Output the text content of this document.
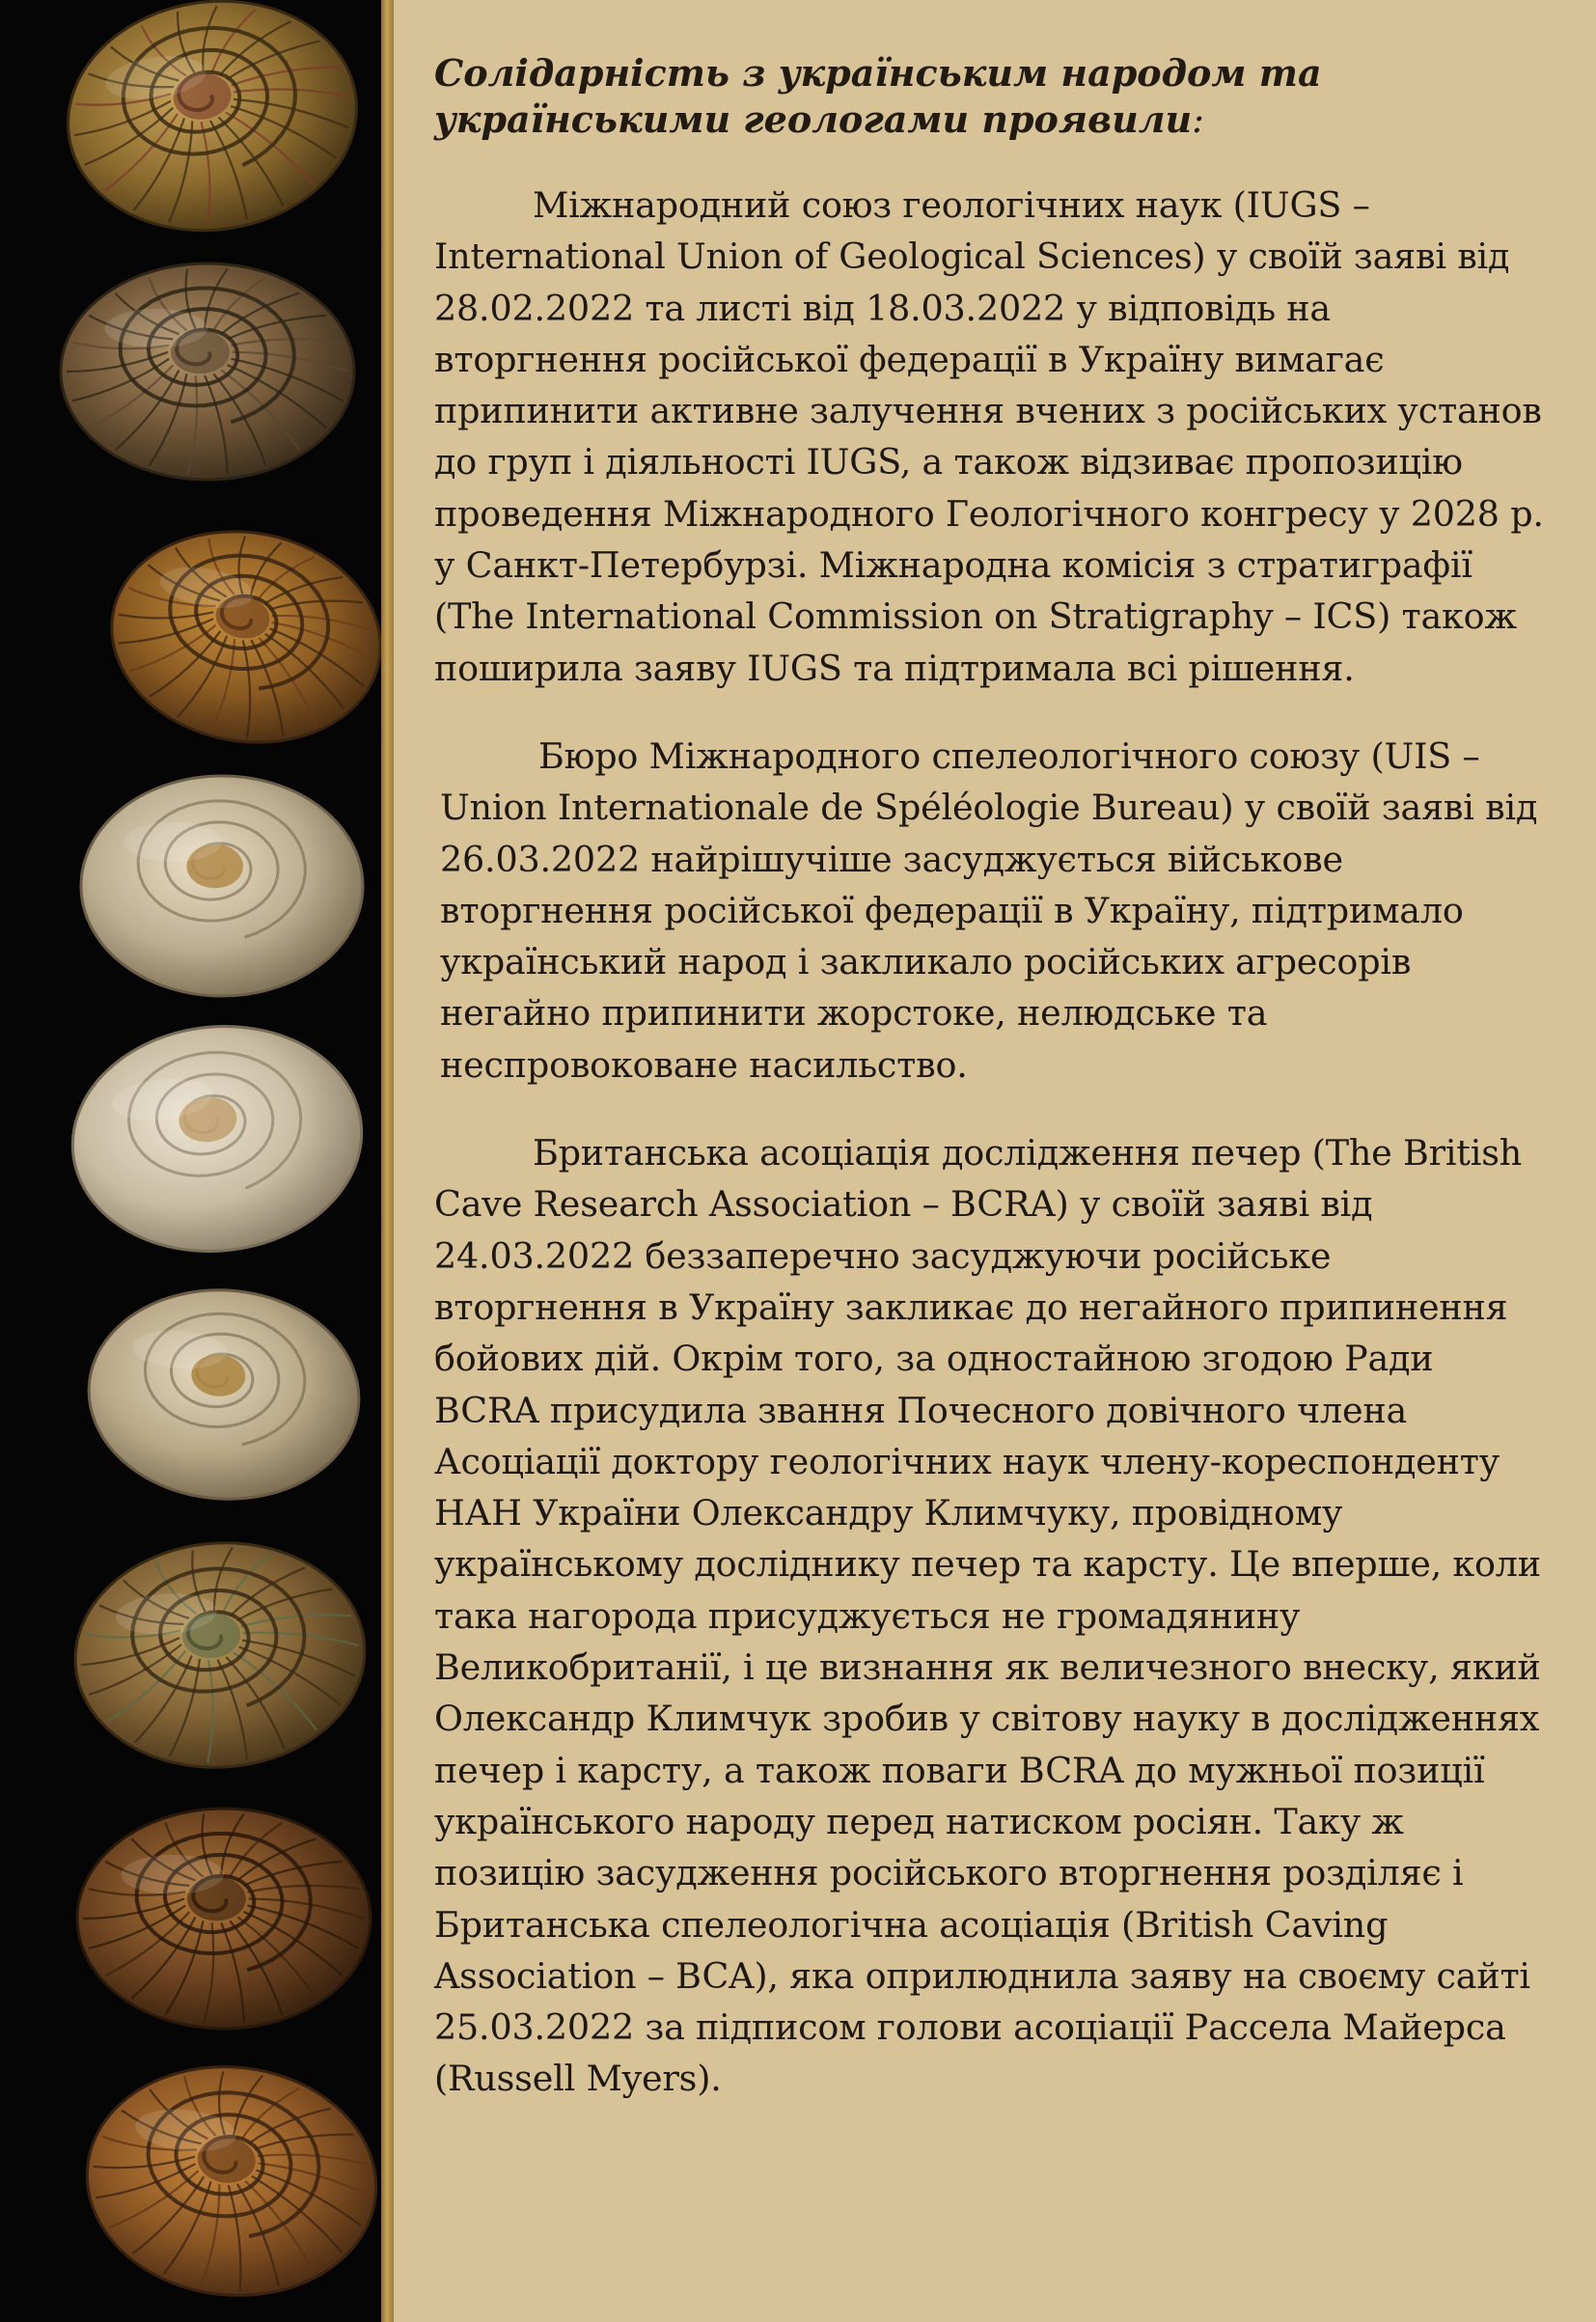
Солідарність з українським народом та українськими геологами проявили:

Міжнародний союз геологічних наук (IUGS – International Union of Geological Sciences) у своїй заяві від 28.02.2022 та листі від 18.03.2022 у відповідь на вторгнення російської федерації в Україну вимагає припинити активне залучення вчених з російських установ до груп і діяльності IUGS, а також відзиває пропозицію проведення Міжнародного Геологічного конгресу у 2028 р. у Санкт-Петербурзі. Міжнародна комісія з стратиграфії (The International Commission on Stratigraphy – ICS) також поширила заяву IUGS та підтримала всі рішення.

Бюро Міжнародного спелеологічного союзу (UIS – Union Internationale de Spéléologie Bureau) у своїй заяві від 26.03.2022 найрішучіше засуджується військове вторгнення російської федерації в Україну, підтримало український народ і закликало російських агресорів негайно припинити жорстоке, нелюдське та неспровоковане насильство.

Британська асоціація дослідження печер (The British Cave Research Association – BCRA) у своїй заяві від 24.03.2022 беззаперечно засуджуючи російське вторгнення в Україну закликає до негайного припинення бойових дій. Окрім того, за одностайною згодою Ради BCRA присудила звання Почесного довічного члена Асоціації доктору геологічних наук члену-кореспонденту НАН України Олександру Климчуку, провідному українському досліднику печер та карсту. Це вперше, коли така нагорода присуджується не громадянину Великобританії, і це визнання як величезного внеску, який Олександр Климчук зробив у світову науку в дослідженнях печер і карсту, а також поваги BCRA до мужньої позиції українського народу перед натиском росіян. Таку ж позицію засудження російського вторгнення розділяє і Британська спелеологічна асоціація (British Caving Association – BCA), яка оприлюднила заяву на своєму сайті 25.03.2022 за підписом голови асоціації Рассела Майерса (Russell Myers).
